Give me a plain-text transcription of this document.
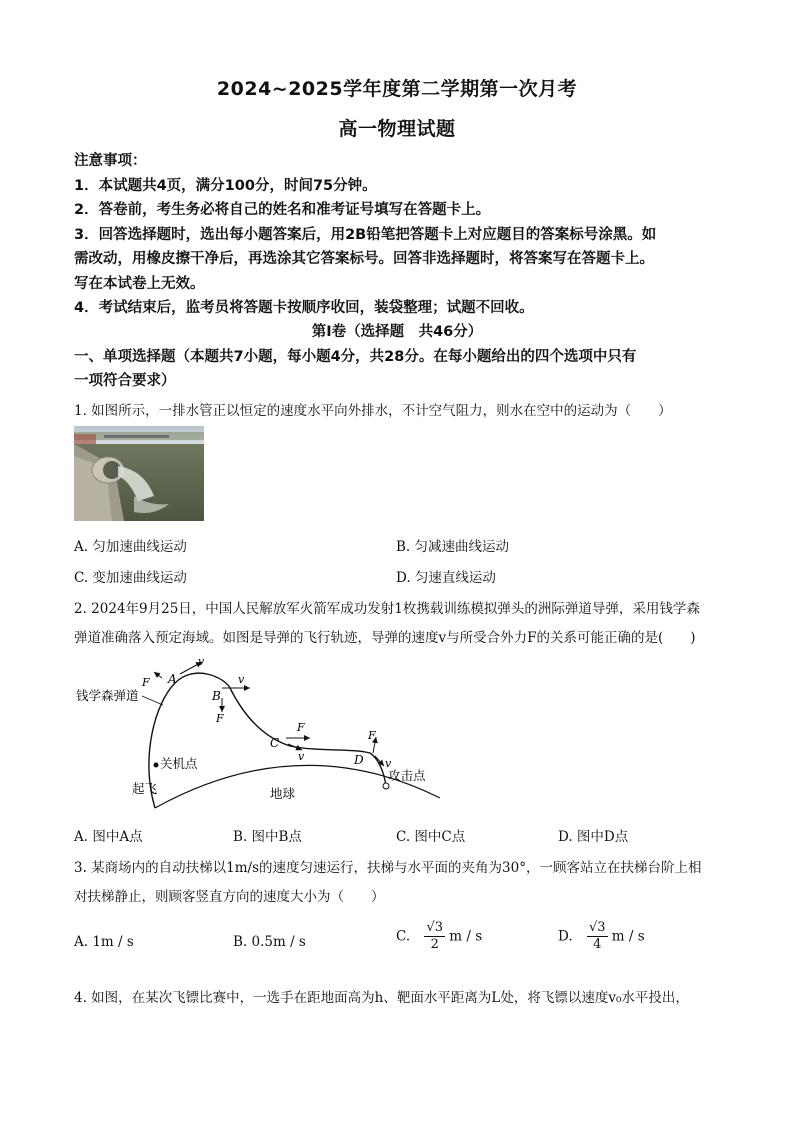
2024~2025学年度第二学期第一次月考
高一物理试题
注意事项：
1．本试题共4页，满分100分，时间75分钟。
2．答卷前，考生务必将自己的姓名和准考证号填写在答题卡上。
3．回答选择题时，选出每小题答案后，用2B铅笔把答题卡上对应题目的答案标号涂黑。如
需改动，用橡皮擦干净后，再选涂其它答案标号。回答非选择题时，将答案写在答题卡上。
写在本试卷上无效。
4．考试结束后，监考员将答题卡按顺序收回，装袋整理；试题不回收。
第Ⅰ卷（选择题　共46分）
一、单项选择题（本题共7小题，每小题4分，共28分。在每小题给出的四个选项中只有
一项符合要求）
1. 如图所示，一排水管正以恒定的速度水平向外排水，不计空气阻力，则水在空中的运动为（　　）
A. 匀加速曲线运动	B. 匀减速曲线运动
C. 变加速曲线运动	D. 匀速直线运动
2. 2024年9月25日，中国人民解放军火箭军成功发射1枚携载训练模拟弹头的洲际弹道导弹，采用钱学森
弹道准确落入预定海域。如图是导弹的飞行轨迹，导弹的速度v与所受合外力F的关系可能正确的是(　　)
钱学森弹道
关机点
起飞	地球
攻击点
A
v
F
B
v
F
C
F
v	D
F
v
A. 图中A点	B. 图中B点	C. 图中C点	D. 图中D点
3. 某商场内的自动扶梯以1m/s的速度匀速运行，扶梯与水平面的夹角为30°，一顾客站立在扶梯台阶上相
对扶梯静止，则顾客竖直方向的速度大小为（　　）
A. 1m / s	B. 0.5m / s	C. $\frac{√3}{2}$ m / s	D. $\frac{√3}{4}$ m / s
4. 如图，在某次飞镖比赛中，一选手在距地面高为h、靶面水平距离为L处，将飞镖以速度v₀水平投出，
